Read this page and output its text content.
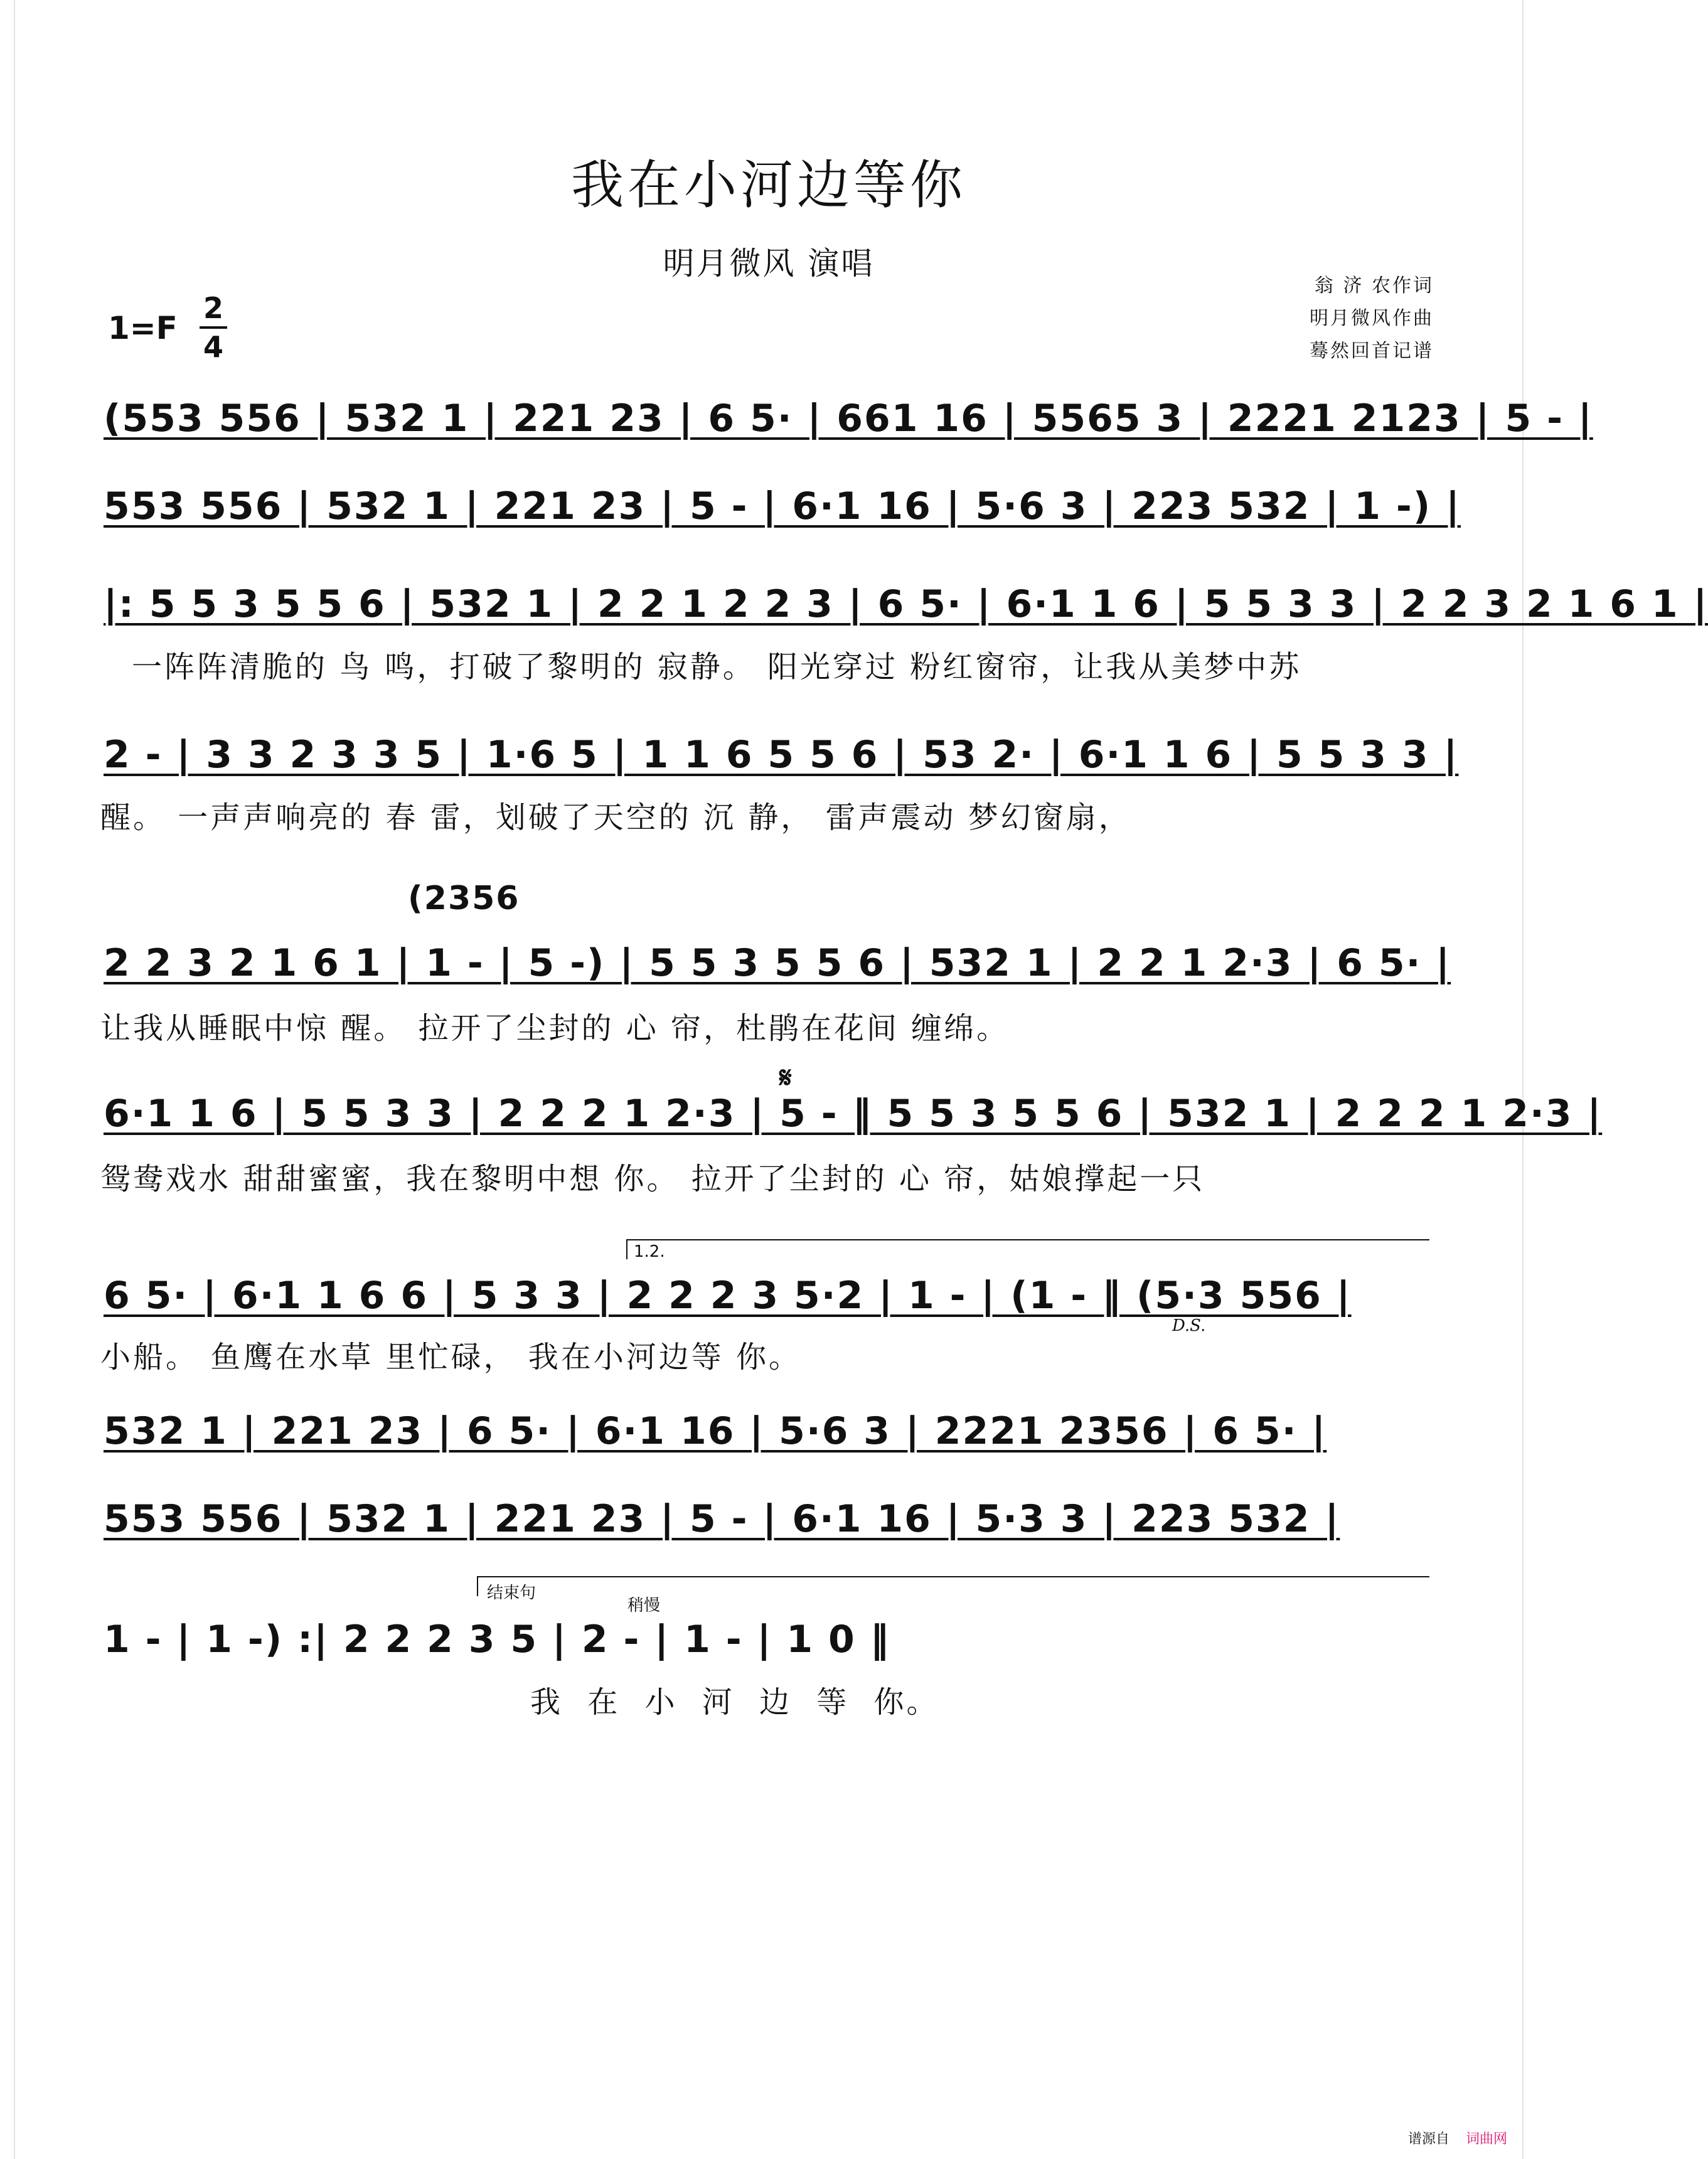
我在小河边等你
明月微风 演唱
翁 济 农作词
明月微风作曲
蓦然回首记谱
1=F
2
4
(553 556 | 532 1 | 221 23 | 6 5· | 661 16 | 5565 3 | 2221 2123 | 5 - |
553 556 | 532 1 | 221 23 | 5 - | 6·1 16 | 5·6 3 | 223 532 | 1 -) |
|: 5 5 3 5 5 6 | 532 1 | 2 2 1 2 2 3 | 6 5· | 6·1 1 6 | 5 5 3 3 | 2 2 3 2 1 6 1 |
一阵阵清脆的 鸟 鸣，打破了黎明的 寂静。 阳光穿过 粉红窗帘，让我从美梦中苏
2 - | 3 3 2 3 3 5 | 1·6 5 | 1 1 6 5 5 6 | 53 2· | 6·1 1 6 | 5 5 3 3 |
醒。 一声声响亮的 春 雷，划破了天空的 沉 静， 雷声震动 梦幻窗扇，
(2356
2 2 3 2 1 6 1 | 1 - | 5 -) | 5 5 3 5 5 6 | 532 1 | 2 2 1 2·3 | 6 5· |
让我从睡眠中惊 醒。 拉开了尘封的 心 帘，杜鹃在花间 缠绵。
𝄋
6·1 1 6 | 5 5 3 3 | 2 2 2 1 2·3 | 5 - ‖ 5 5 3 5 5 6 | 532 1 | 2 2 2 1 2·3 |
鸳鸯戏水 甜甜蜜蜜，我在黎明中想 你。 拉开了尘封的 心 帘，姑娘撑起一只
1.2.
6 5· | 6·1 1 6 6 | 5 3 3 | 2 2 2 3 5·2 | 1 - | (1 - ‖ (5·3 556 |
D.S.
小船。 鱼鹰在水草 里忙碌， 我在小河边等 你。
532 1 | 221 23 | 6 5· | 6·1 16 | 5·6 3 | 2221 2356 | 6 5· |
553 556 | 532 1 | 221 23 | 5 - | 6·1 16 | 5·3 3 | 223 532 |
结束句
稍慢
1 - | 1 -) :| 2 2 2 3 5 | 2 - | 1 - | 1 0 ‖
我 在 小 河 边 等 你。
谱源自 词曲网
